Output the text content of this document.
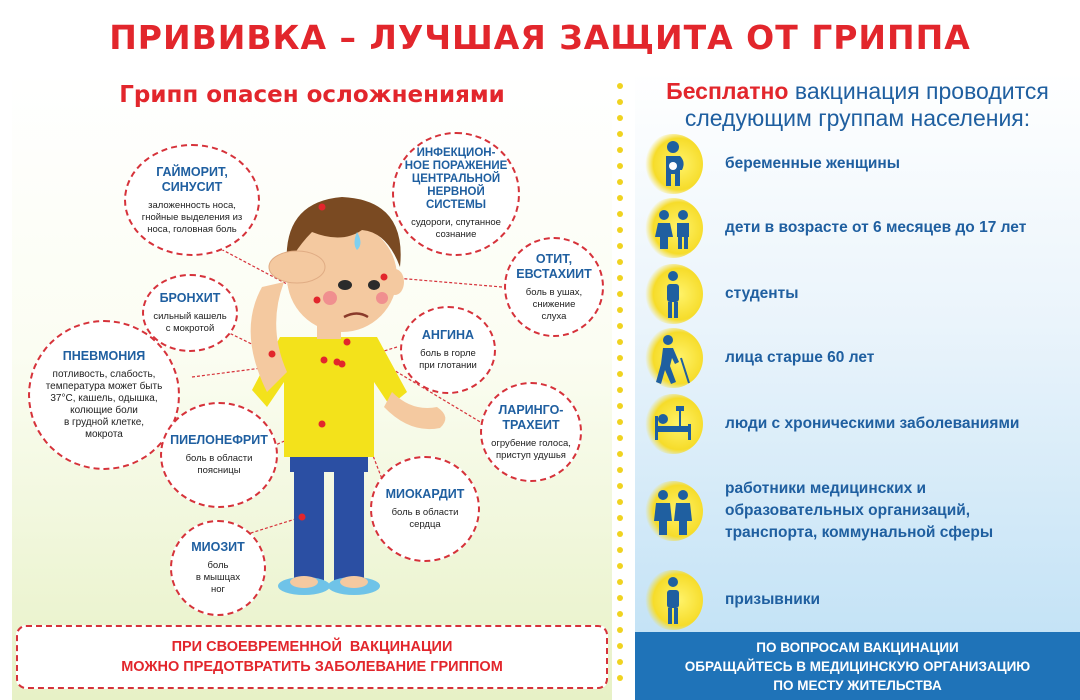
ПРИВИВКА – ЛУЧШАЯ ЗАЩИТА ОТ ГРИППА
Грипп опасен осложнениями
ГАЙМОРИТ,
СИНУСИТ
заложенность носа,
гнойные выделения из
носа, головная боль
ИНФЕКЦИОН-
НОЕ ПОРАЖЕНИЕ
ЦЕНТРАЛЬНОЙ
НЕРВНОЙ СИСТЕМЫ
судороги, спутанное
сознание
ОТИТ,
ЕВСТАХИИТ
боль в ушах,
снижение
слуха
БРОНХИТ
сильный кашель
с мокротой	АНГИНА
боль в горле
при глотании
ПНЕВМОНИЯ
потливость, слабость,
температура может быть
37°С, кашель, одышка,
колющие боли
в грудной клетке,
мокрота
ЛАРИНГО-
ТРАХЕИТ
огрубение голоса,
приступ удушья
ПИЕЛОНЕФРИТ
боль в области
поясницы
МИОКАРДИТ
боль в области
сердца
МИОЗИТ
боль
в мышцах
ног
ПРИ СВОЕВРЕМЕННОЙ  ВАКЦИНАЦИИ
МОЖНО ПРЕДОТВРАТИТЬ ЗАБОЛЕВАНИЕ ГРИППОМ
Бесплатно вакцинация проводится
следующим группам населения:
беременные женщины
дети в возрасте от 6 месяцев до 17 лет
студенты
лица старше 60 лет
люди с хроническими заболеваниями
работники медицинских и
образовательных организаций,
транспорта, коммунальной сферы
призывники
ПО ВОПРОСАМ ВАКЦИНАЦИИ
ОБРАЩАЙТЕСЬ В МЕДИЦИНСКУЮ ОРГАНИЗАЦИЮ
ПО МЕСТУ ЖИТЕЛЬСТВА
